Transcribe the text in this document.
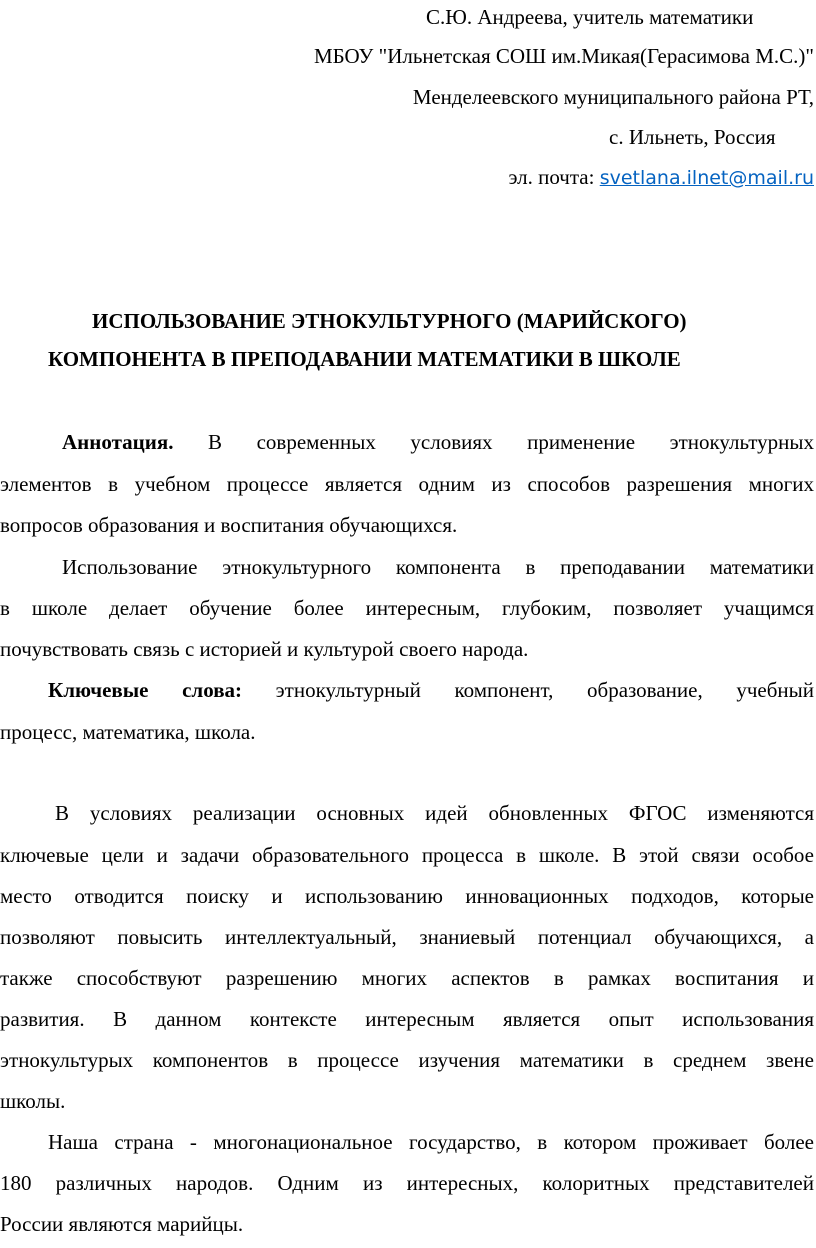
С.Ю. Андреева, учитель математики
МБОУ "Ильнетская СОШ им.Микая(Герасимова М.С.)"
Менделеевского муниципального района РТ,
с. Ильнеть, Россия
эл. почта: svetlana.ilnet@mail.ru
ИСПОЛЬЗОВАНИЕ ЭТНОКУЛЬТУРНОГО (МАРИЙСКОГО)
КОМПОНЕНТА В ПРЕПОДАВАНИИ МАТЕМАТИКИ В ШКОЛЕ
Аннотация. В современных условиях применение этнокультурных
элементов в учебном процессе является одним из способов разрешения многих
вопросов образования и воспитания обучающихся.
Использование этнокультурного компонента в преподавании математики
в школе делает обучение более интересным, глубоким, позволяет учащимся
почувствовать связь с историей и культурой своего народа.
Ключевые слова: этнокультурный компонент, образование, учебный
процесс, математика, школа.
В условиях реализации основных идей обновленных ФГОС изменяются
ключевые цели и задачи образовательного процесса в школе. В этой связи особое
место отводится поиску и использованию инновационных подходов, которые
позволяют повысить интеллектуальный, знаниевый потенциал обучающихся, а
также способствуют разрешению многих аспектов в рамках воспитания и
развития. В данном контексте интересным является опыт использования
этнокультурых компонентов в процессе изучения математики в среднем звене
школы.
Наша страна - многонациональное государство, в котором проживает более
180 различных народов. Одним из интересных, колоритных представителей
России являются марийцы.
